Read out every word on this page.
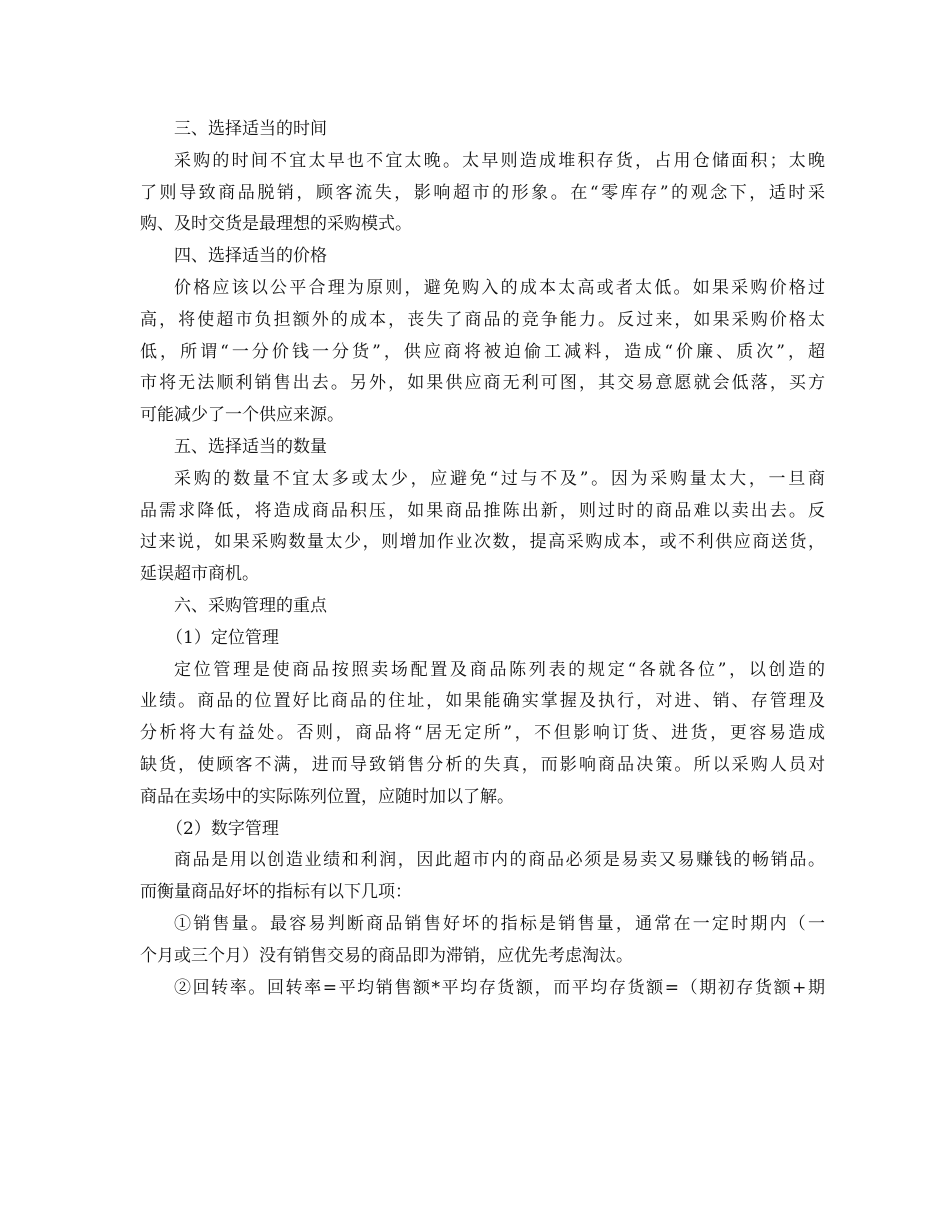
三、选择适当的时间
采购的时间不宜太早也不宜太晚。太早则造成堆积存货，占用仓储面积；太晚
了则导致商品脱销，顾客流失，影响超市的形象。在“零库存”的观念下，适时采
购、及时交货是最理想的采购模式。
四、选择适当的价格
价格应该以公平合理为原则，避免购入的成本太高或者太低。如果采购价格过
高，将使超市负担额外的成本，丧失了商品的竞争能力。反过来，如果采购价格太
低，所谓“一分价钱一分货”，供应商将被迫偷工减料，造成“价廉、质次”，超
市将无法顺利销售出去。另外，如果供应商无利可图，其交易意愿就会低落，买方
可能减少了一个供应来源。
五、选择适当的数量
采购的数量不宜太多或太少，应避免“过与不及”。因为采购量太大，一旦商
品需求降低，将造成商品积压，如果商品推陈出新，则过时的商品难以卖出去。反
过来说，如果采购数量太少，则增加作业次数，提高采购成本，或不利供应商送货，
延误超市商机。
六、采购管理的重点
（1）定位管理
定位管理是使商品按照卖场配置及商品陈列表的规定“各就各位”，以创造的
业绩。商品的位置好比商品的住址，如果能确实掌握及执行，对进、销、存管理及
分析将大有益处。否则，商品将“居无定所”，不但影响订货、进货，更容易造成
缺货，使顾客不满，进而导致销售分析的失真，而影响商品决策。所以采购人员对
商品在卖场中的实际陈列位置，应随时加以了解。
（2）数字管理
商品是用以创造业绩和利润，因此超市内的商品必须是易卖又易赚钱的畅销品。
而衡量商品好坏的指标有以下几项：
①销售量。最容易判断商品销售好坏的指标是销售量，通常在一定时期内（一
个月或三个月）没有销售交易的商品即为滞销，应优先考虑淘汰。
②回转率。回转率=平均销售额*平均存货额，而平均存货额=（期初存货额+期
